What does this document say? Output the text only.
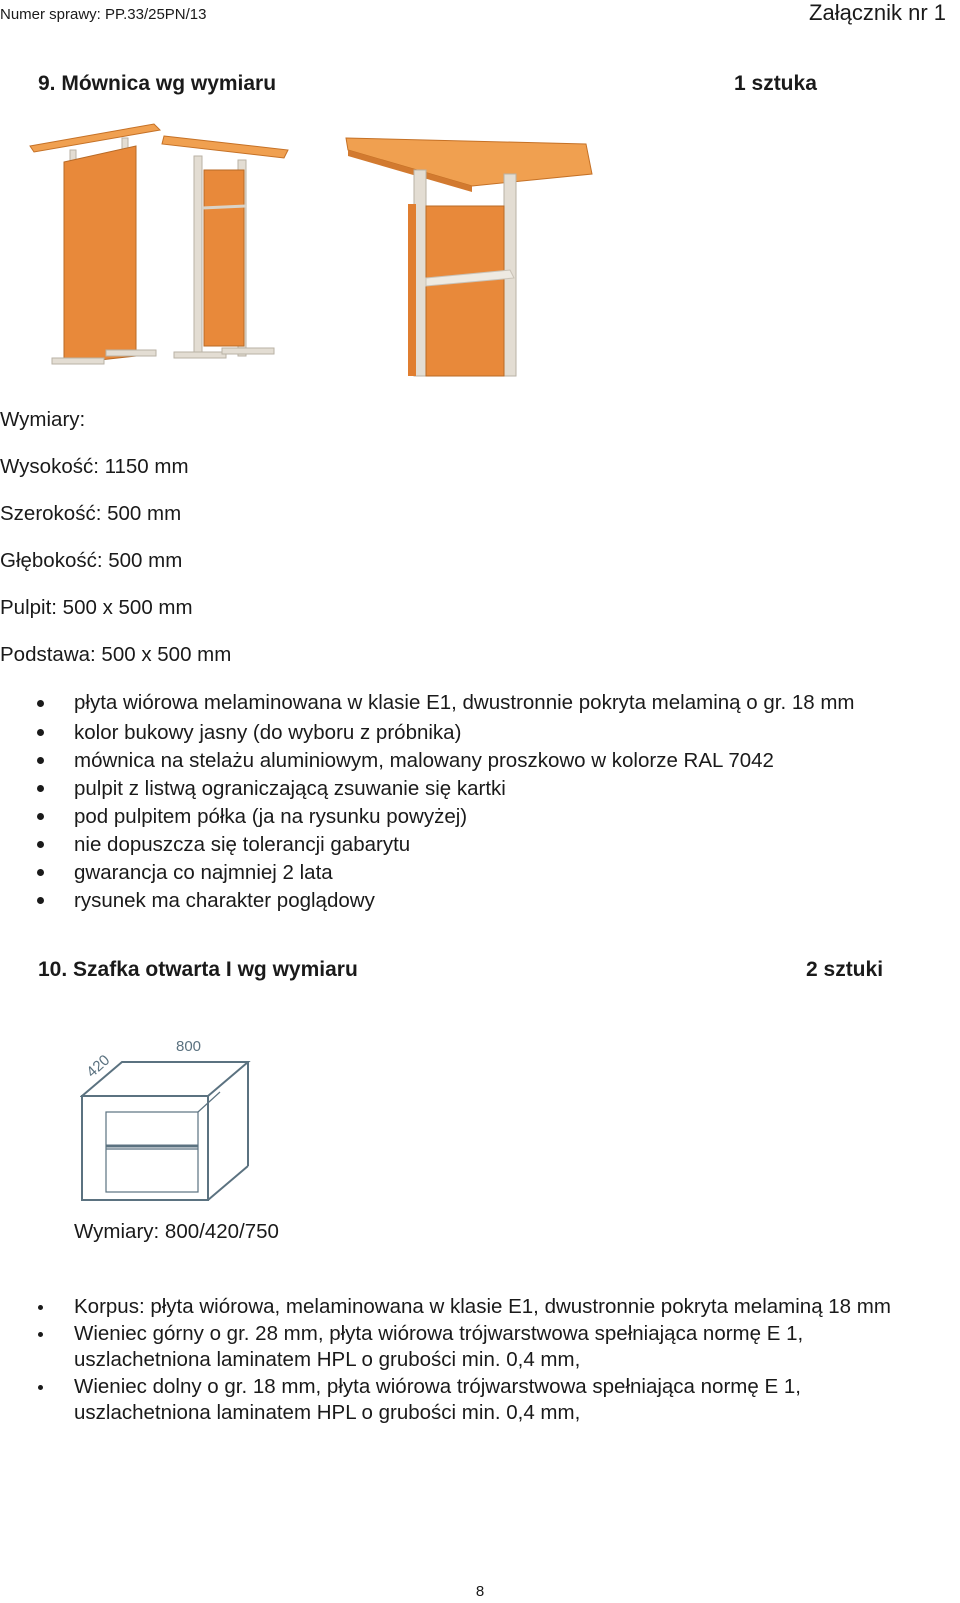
Numer sprawy: PP.33/25PN/13	Załącznik nr 1
9. Mównica wg wymiaru	1 sztuka
Wymiary:
Wysokość: 1150 mm
Szerokość: 500 mm
Głębokość: 500 mm
Pulpit: 500 x 500 mm
Podstawa: 500 x 500 mm
płyta wiórowa melaminowana w klasie E1, dwustronnie pokryta melaminą o gr. 18 mm
kolor bukowy jasny (do wyboru z próbnika)
mównica na stelażu aluminiowym, malowany proszkowo w kolorze RAL 7042
pulpit z listwą ograniczającą zsuwanie się kartki
pod pulpitem półka (ja na rysunku powyżej)
nie dopuszcza się tolerancji gabarytu
gwarancja co najmniej 2 lata
rysunek ma charakter poglądowy
10. Szafka otwarta I wg wymiaru	2 sztuki
800
420
Wymiary: 800/420/750
Korpus: płyta wiórowa, melaminowana w klasie E1, dwustronnie pokryta melaminą 18 mm
Wieniec górny o gr. 28 mm, płyta wiórowa trójwarstwowa spełniająca normę E 1, uszlachetniona laminatem HPL o grubości min. 0,4 mm,
Wieniec dolny o gr. 18 mm, płyta wiórowa trójwarstwowa spełniająca normę E 1, uszlachetniona laminatem HPL o grubości min. 0,4 mm,
8
